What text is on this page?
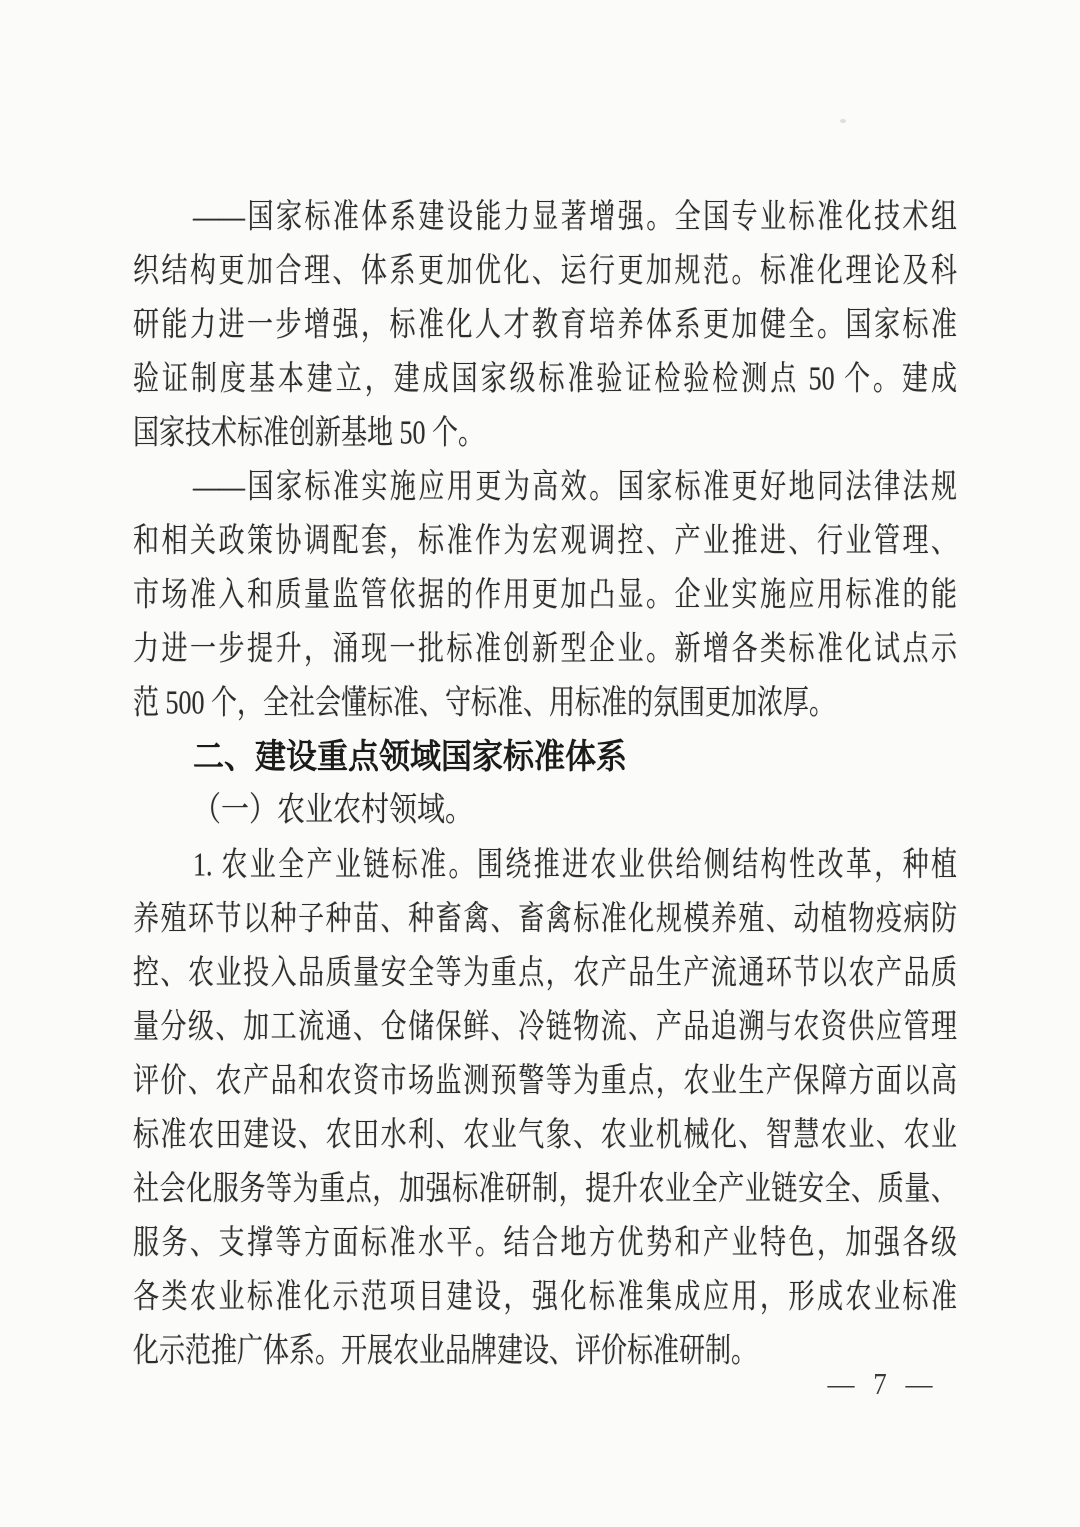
——国家标准体系建设能力显著增强。全国专业标准化技术组
织结构更加合理、体系更加优化、运行更加规范。标准化理论及科
研能力进一步增强，标准化人才教育培养体系更加健全。国家标准
验证制度基本建立，建成国家级标准验证检验检测点 50 个。建成
国家技术标准创新基地 50 个。
——国家标准实施应用更为高效。国家标准更好地同法律法规
和相关政策协调配套，标准作为宏观调控、产业推进、行业管理、
市场准入和质量监管依据的作用更加凸显。企业实施应用标准的能
力进一步提升，涌现一批标准创新型企业。新增各类标准化试点示
范 500 个，全社会懂标准、守标准、用标准的氛围更加浓厚。
二、建设重点领域国家标准体系
（一）农业农村领域。
1. 农业全产业链标准。围绕推进农业供给侧结构性改革，种植
养殖环节以种子种苗、种畜禽、畜禽标准化规模养殖、动植物疫病防
控、农业投入品质量安全等为重点，农产品生产流通环节以农产品质
量分级、加工流通、仓储保鲜、冷链物流、产品追溯与农资供应管理
评价、农产品和农资市场监测预警等为重点，农业生产保障方面以高
标准农田建设、农田水利、农业气象、农业机械化、智慧农业、农业
社会化服务等为重点，加强标准研制，提升农业全产业链安全、质量、
服务、支撑等方面标准水平。结合地方优势和产业特色，加强各级
各类农业标准化示范项目建设，强化标准集成应用，形成农业标准
化示范推广体系。开展农业品牌建设、评价标准研制。
— 7 —
